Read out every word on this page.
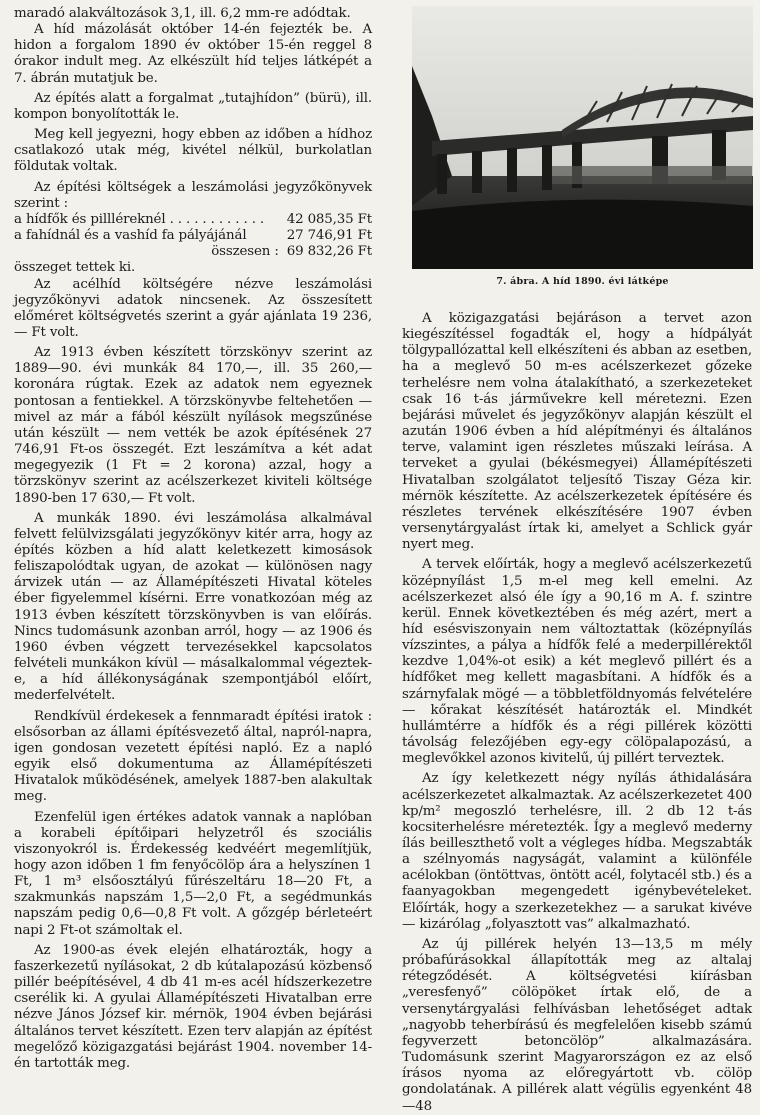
maradó alakváltozások 3,1, ill. 6,2 mm-re adódtak.

A híd mázolását október 14-én fejezték be. A hidon a forgalom 1890 év október 15-én reggel 8 órakor indult meg. Az elkészült híd teljes látképét a 7. ábrán mutatjuk be.

Az építés alatt a forgalmat „tutajhídon” (bürü), ill. kompon bonyolították le.

Meg kell jegyezni, hogy ebben az időben a hídhoz csatlakozó utak még, kivétel nélkül, burkolatlan földutak voltak.

Az építési költségek a leszámolási jegyzőkönyvek szerint :

a hídfők és pillléreknél . . . . . . . . . . . . 42 085,35 Ft
a fahídnál és a vashíd fa pályájánál	27 746,91 Ft
összesen : 69 832,26 Ft
összeget tettek ki.

Az acélhíd költségére nézve leszámolási jegyzőkönyvi adatok nincsenek. Az összesített előméret költségvetés szerint a gyár ajánlata 19 236,— Ft volt.

Az 1913 évben készített törzskönyv szerint az 1889—90. évi munkák 84 170,—, ill. 35 260,— koronára rúgtak. Ezek az adatok nem egyeznek pontosan a fentiekkel. A törzskönyvbe feltehetően — mivel az már a fából készült nyílások megszűnése után készült — nem vették be azok építésének 27 746,91 Ft-os összegét. Ezt leszámítva a két adat megegyezik (1 Ft = 2 korona) azzal, hogy a törzskönyv szerint az acélszerkezet kiviteli költsége 1890-ben 17 630,— Ft volt.

A munkák 1890. évi leszámolása alkalmával felvett felülvizsgálati jegyzőkönyv kitér arra, hogy az építés közben a híd alatt keletkezett kimosások feliszapolódtak ugyan, de azokat — különösen nagy árvizek után — az Államépítészeti Hivatal köteles éber figyelemmel kísérni. Erre vonatkozóan még az 1913 évben készített törzskönyvben is van előírás. Nincs tudomásunk azonban arról, hogy — az 1906 és 1960 évben végzett tervezésekkel kapcsolatos felvételi munkákon kívül — másalkalommal végeztek-e, a híd állékonyságának szempontjából előírt, mederfelvételt.

Rendkívül érdekesek a fennmaradt építési iratok : elsősorban az állami építésvezető által, napról-napra, igen gondosan vezetett építési napló. Ez a napló egyik első dokumentuma az Államépítészeti Hivatalok működésének, amelyek 1887-ben alakultak meg.

Ezenfelül igen értékes adatok vannak a naplóban a korabeli építőipari helyzetről és szociális viszonyokról is. Érdekesség kedvéért megemlítjük, hogy azon időben 1 fm fenyőcölöp ára a helyszínen 1 Ft, 1 m³ elsőosztályú fűrészeltáru 18—20 Ft, a szakmunkás napszám 1,5—2,0 Ft, a segédmunkás napszám pedig 0,6—0,8 Ft volt. A gőzgép bérleteért napi 2 Ft-ot számoltak el.

Az 1900-as évek elején elhatározták, hogy a faszerkezetű nyílásokat, 2 db kútalapozású közbenső pillér beépítésével, 4 db 41 m-es acél hídszerkezetre cserélik ki. A gyulai Államépítészeti Hivatalban erre nézve János József kir. mérnök, 1904 évben bejárási általános tervet készített. Ezen terv alapján az építést megelőző közigazgatási bejárást 1904. november 14-én tartották meg.

7. ábra. A híd 1890. évi látképe

A közigazgatási bejáráson a tervet azon kiegészítéssel fogadták el, hogy a hídpályát tölgypallózattal kell elkészíteni és abban az esetben, ha a meglevő 50 m-es acélszerkezet gőzeke terhelésre nem volna átalakítható, a szerkezeteket csak 16 t-ás járművekre kell méretezni. Ezen bejárási művelet és jegyzőkönyv alapján készült el azután 1906 évben a híd alépítményi és általános terve, valamint igen részletes műszaki leírása. A terveket a gyulai (békésmegyei) Államépítészeti Hivatalban szolgálatot teljesítő Tiszay Géza kir. mérnök készítette. Az acélszerkezetek építésére és részletes tervének elkészítésére 1907 évben versenytárgyalást írtak ki, amelyet a Schlick gyár nyert meg.

A tervek előírták, hogy a meglevő acélszerkezetű középnyílást 1,5 m-el meg kell emelni. Az acélszerkezet alsó éle így a 90,16 m A. f. szintre kerül. Ennek következtében és még azért, mert a híd esésviszonyain nem változtattak (középnyílás vízszintes, a pálya a hídfők felé a mederpillérektől kezdve 1,04%-ot esik) a két meglevő pillért és a hídfőket meg kellett magasbítani. A hídfők és a szárnyfalak mögé — a többletföldnyomás felvételére — kőrakat készítését határozták el. Mindkét hullámtérre a hídfők és a régi pillérek közötti távolság felezőjében egy-egy cölöpalapozású, a meglevőkkel azonos kivitelű, új pillért terveztek.

Az így keletkezett négy nyílás áthidalására acélszerkezetet alkalmaztak. Az acélszerkezetet 400 kp/m² megoszló terhelésre, ill. 2 db 12 t-ás kocsiterhelésre méretezték. Így a meglevő mederny ílás beilleszthető volt a végleges hídba. Megszabták a szélnyomás nagyságát, valamint a különféle acélokban (öntöttvas, öntött acél, folytacél stb.) és a faanyagokban megengedett igénybevételeket. Előírták, hogy a szerkezetekhez — a sarukat kivéve — kizárólag „folyasztott vas” alkalmazható.

Az új pillérek helyén 13—13,5 m mély próbafúrásokkal állapították meg az altalaj rétegződését. A költségvetési kiírásban „veresfenyő” cölöpöket írtak elő, de a versenytárgyalási felhívásban lehetőséget adtak „nagyobb teherbírású és megfelelően kisebb számú fegyverzett betoncölöp” alkalmazására. Tudomásunk szerint Magyarországon ez az első írásos nyoma az előregyártott vb. cölöp gondolatának. A pillérek alatt végülis egyenként 48—48
